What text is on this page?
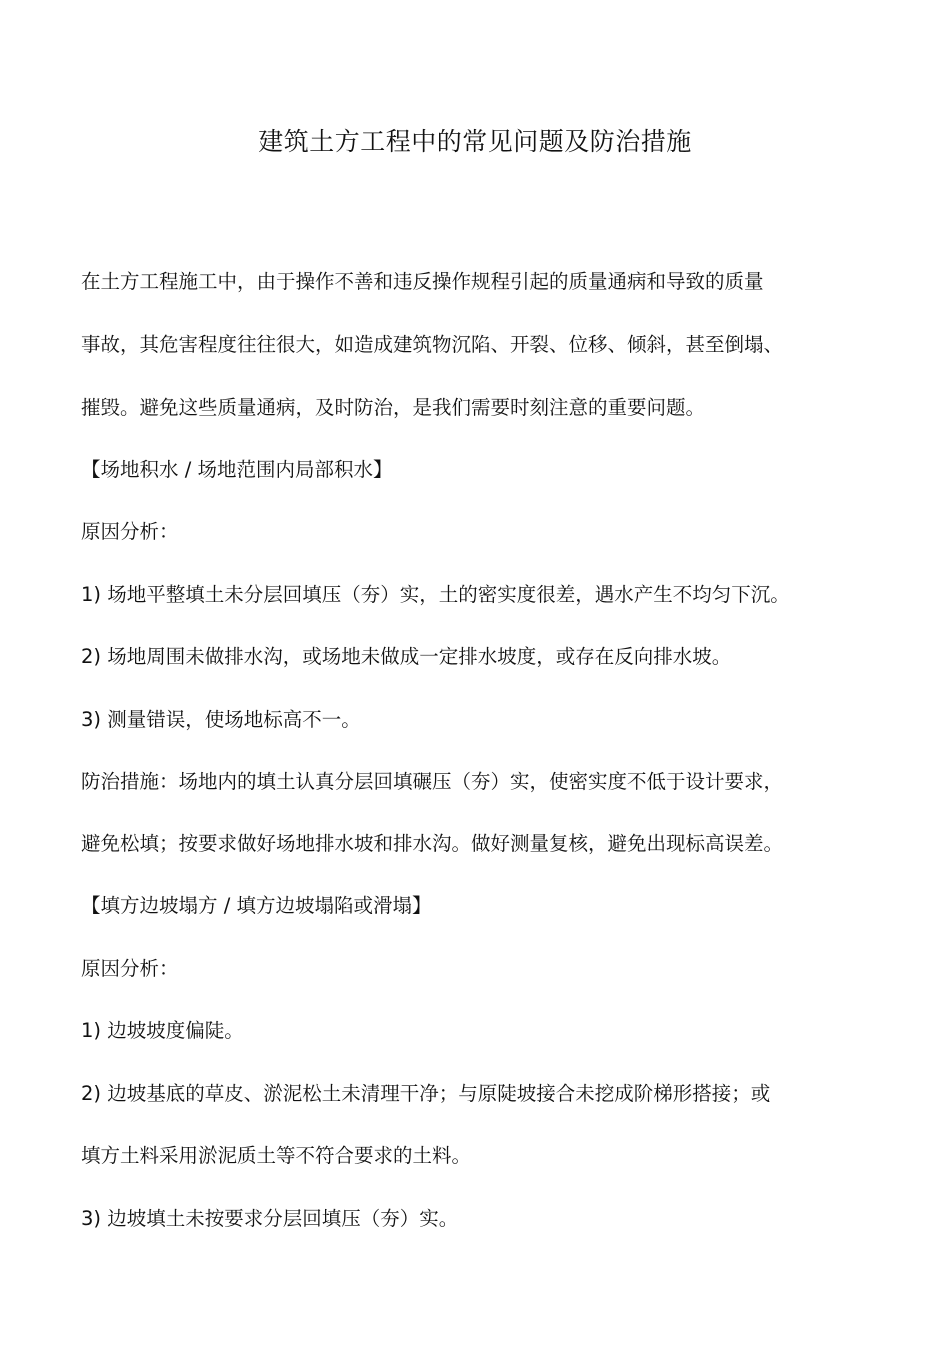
建筑土方工程中的常见问题及防治措施
在土方工程施工中，由于操作不善和违反操作规程引起的质量通病和导致的质量
事故，其危害程度往往很大，如造成建筑物沉陷、开裂、位移、倾斜，甚至倒塌、
摧毁。避免这些质量通病，及时防治，是我们需要时刻注意的重要问题。
【场地积水 / 场地范围内局部积水】
原因分析：
1) 场地平整填土未分层回填压（夯）实，土的密实度很差，遇水产生不均匀下沉。
2) 场地周围未做排水沟，或场地未做成一定排水坡度，或存在反向排水坡。
3) 测量错误，使场地标高不一。
防治措施：场地内的填土认真分层回填碾压（夯）实，使密实度不低于设计要求，
避免松填；按要求做好场地排水坡和排水沟。做好测量复核，避免出现标高误差。
【填方边坡塌方 / 填方边坡塌陷或滑塌】
原因分析：
1) 边坡坡度偏陡。
2) 边坡基底的草皮、淤泥松土未清理干净；与原陡坡接合未挖成阶梯形搭接；或
填方土料采用淤泥质土等不符合要求的土料。
3) 边坡填土未按要求分层回填压（夯）实。
